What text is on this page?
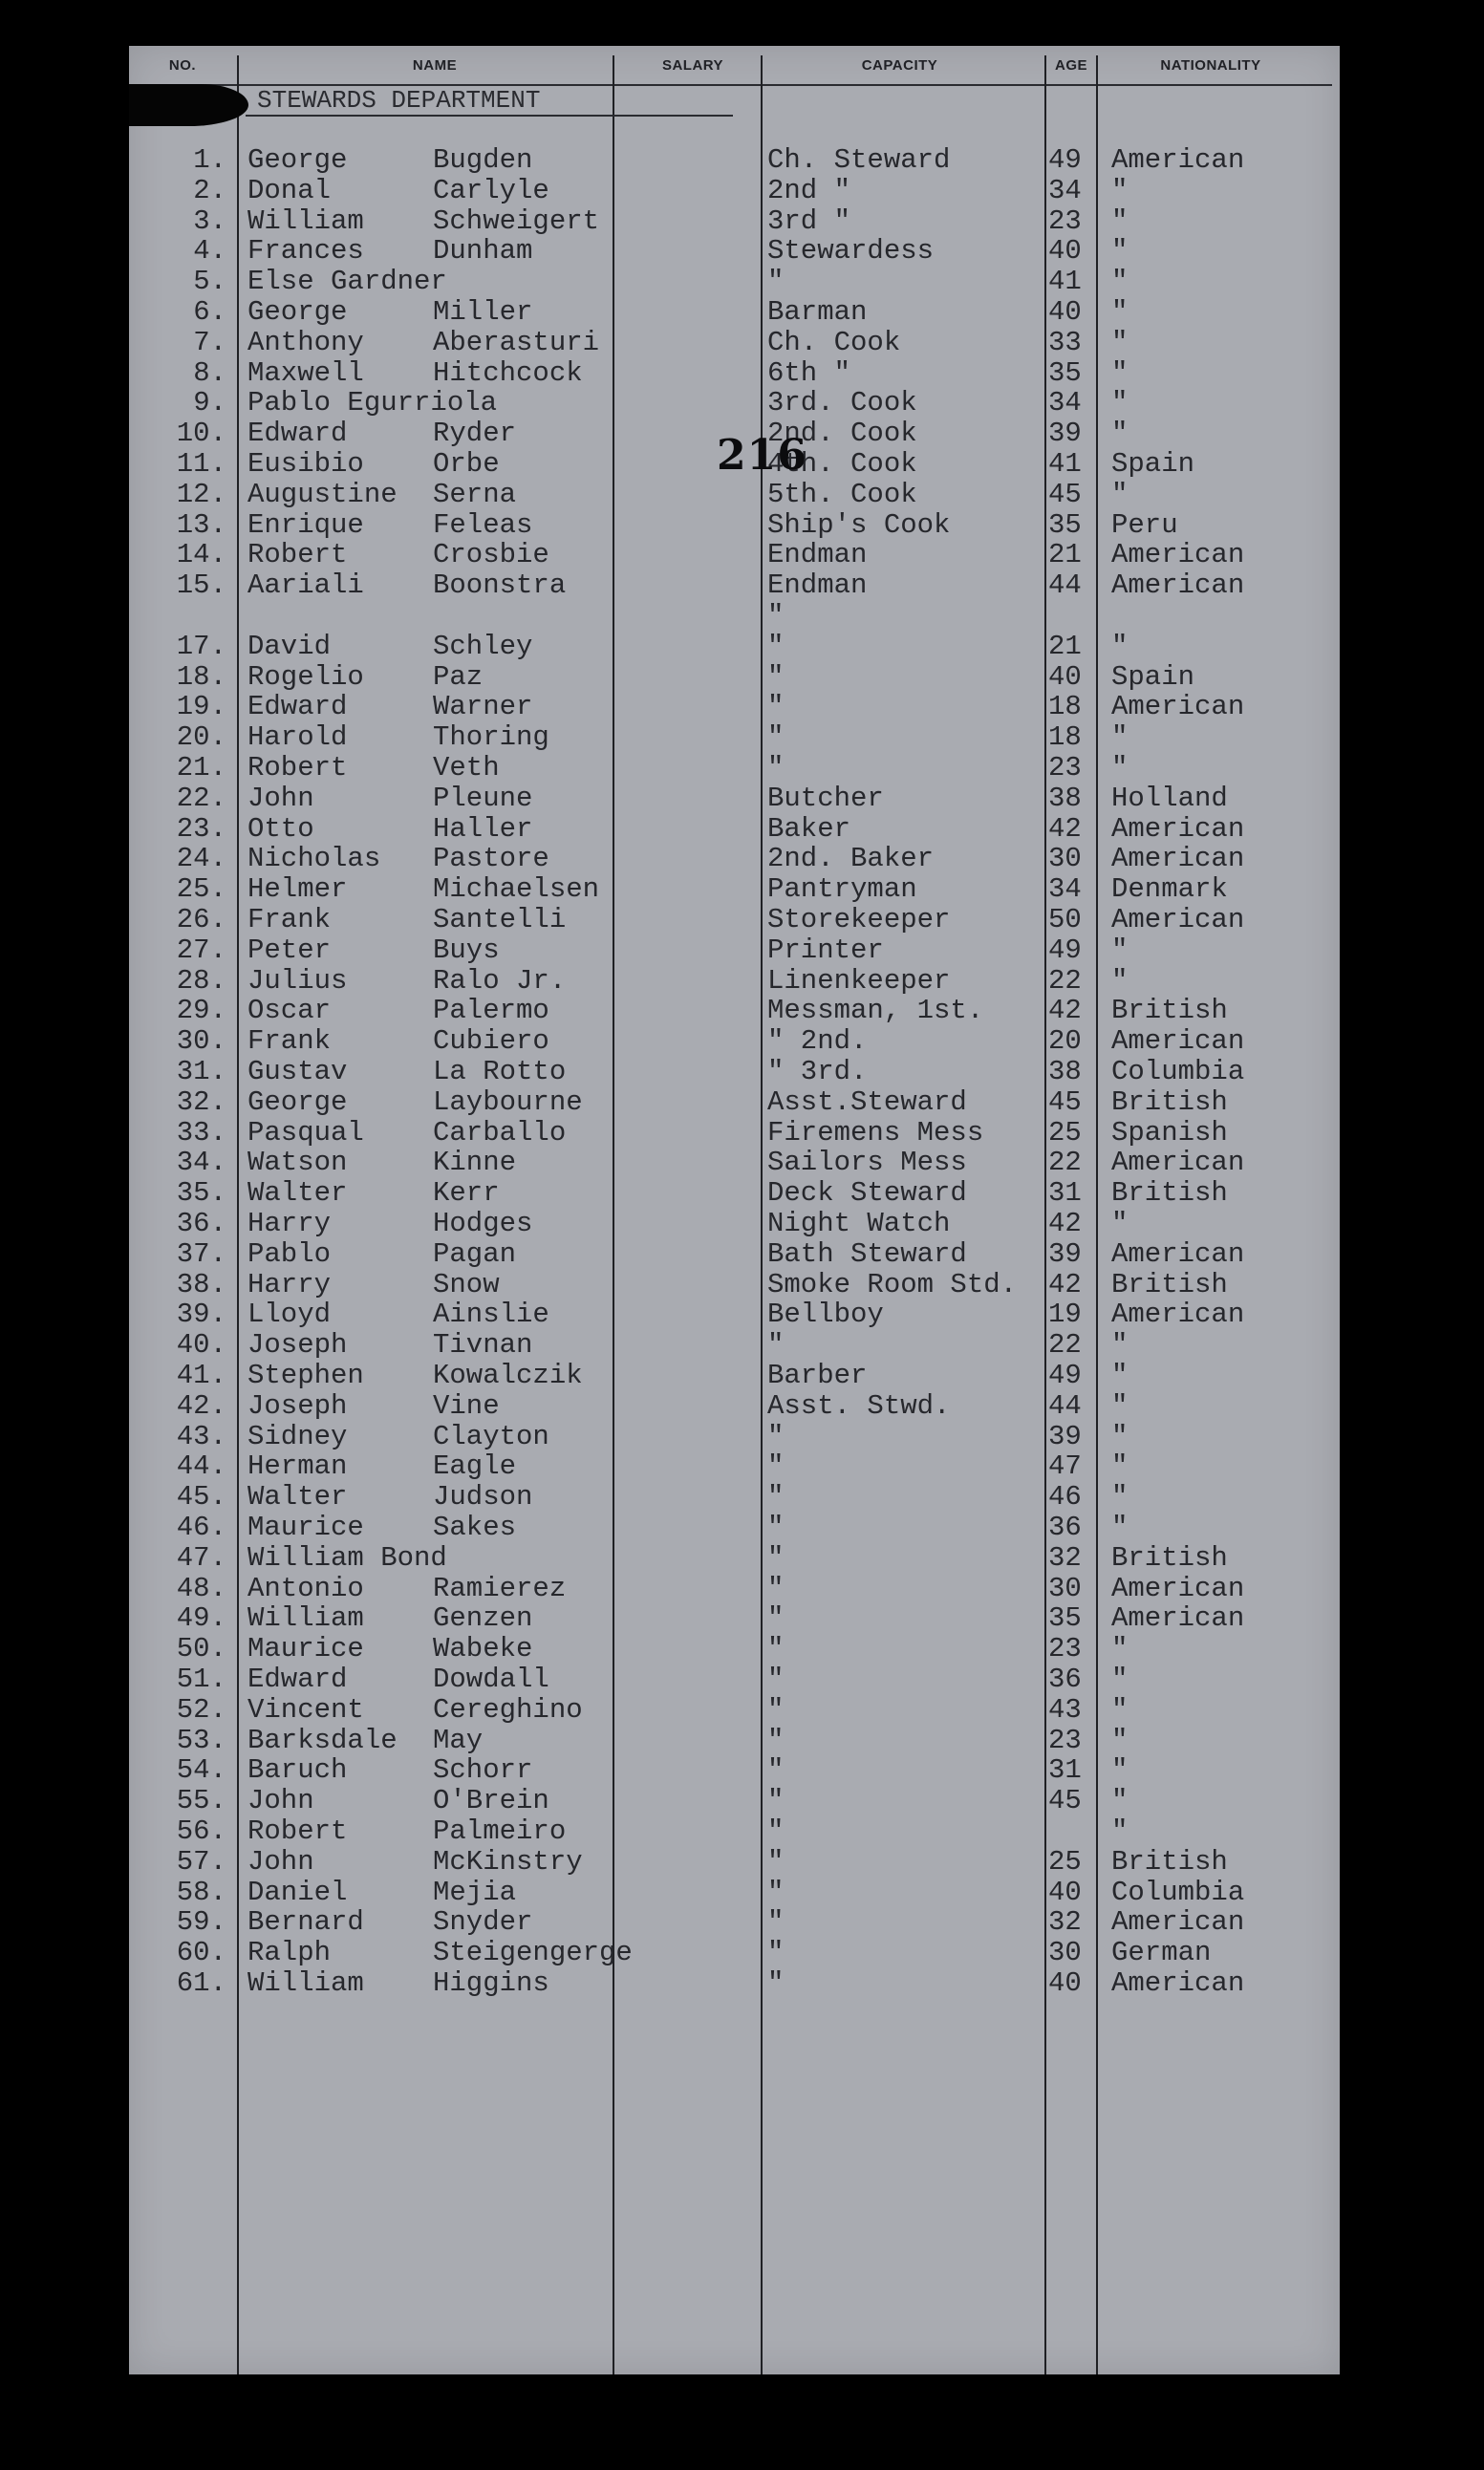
NO.	NAME	SALARY	CAPACITY	AGE	NATIONALITY
STEWARDS DEPARTMENT
1. George	Bugden	Ch. Steward	49 American
2. Donal	Carlyle	2nd "	34 "
3. William Schweigert	3rd "	23 "
4. Frances Dunham	Stewardess	40 "
5. Else Gardner	"	41 "
6. George	Miller	Barman	40 "
7. Anthony Aberasturi	Ch. Cook	33 "
8. Maxwell Hitchcock	6th "	35 "
9. Pablo Egurriola	3rd. Cook	34 "
10. Edward	Ryder	2nd. Cook	39 "
11. Eusibio Orbe	4th. Cook	41 Spain
12. Augustine Serna	5th. Cook	45 "
13. Enrique Feleas	Ship's Cook	35 Peru
14. Robert	Crosbie	Endman	21 American
15. Aariali Boonstra	Endman	44 American
"
17. David	Schley	"	21 "
18. Rogelio Paz	"	40 Spain
19. Edward	Warner	"	18 American
20. Harold	Thoring	"	18 "
21. Robert	Veth	"	23 "
22. John	Pleune	Butcher	38 Holland
23. Otto	Haller	Baker	42 American
24. Nicholas Pastore	2nd. Baker	30 American
25. Helmer	Michaelsen	Pantryman	34 Denmark
26. Frank	Santelli	Storekeeper	50 American
27. Peter	Buys	Printer	49 "
28. Julius	Ralo Jr.	Linenkeeper	22 "
29. Oscar	Palermo	Messman, 1st. 42 British
30. Frank	Cubiero	" 2nd.	20 American
31. Gustav	La Rotto	" 3rd.	38 Columbia
32. George	Laybourne	Asst.Steward	45 British
33. Pasqual Carballo	Firemens Mess 25 Spanish
34. Watson	Kinne	Sailors Mess	22 American
35. Walter	Kerr	Deck Steward	31 British
36. Harry	Hodges	Night Watch	42 "
37. Pablo	Pagan	Bath Steward	39 American
38. Harry	Snow	Smoke Room Std. 42 British
39. Lloyd	Ainslie	Bellboy	19 American
40. Joseph	Tivnan	"	22 "
41. Stephen Kowalczik	Barber	49 "
42. Joseph	Vine	Asst. Stwd.	44 "
43. Sidney	Clayton	"	39 "
44. Herman	Eagle	"	47 "
45. Walter	Judson	"	46 "
46. Maurice Sakes	"	36 "
47. William Bond	"	32 British
48. Antonio Ramierez	"	30 American
49. William Genzen	"	35 American
50. Maurice Wabeke	"	23 "
51. Edward	Dowdall	"	36 "
52. Vincent Cereghino	"	43 "
53. Barksdale May	"	23 "
54. Baruch	Schorr	"	31 "
55. John	O'Brein	"	45 "
56. Robert	Palmeiro	"	"
57. John	McKinstry	"	25 British
58. Daniel	Mejia	"	40 Columbia
59. Bernard Snyder	"	32 American
60. Ralph	Steigengerge	"	30 German
61. William Higgins	"	40 American
216
